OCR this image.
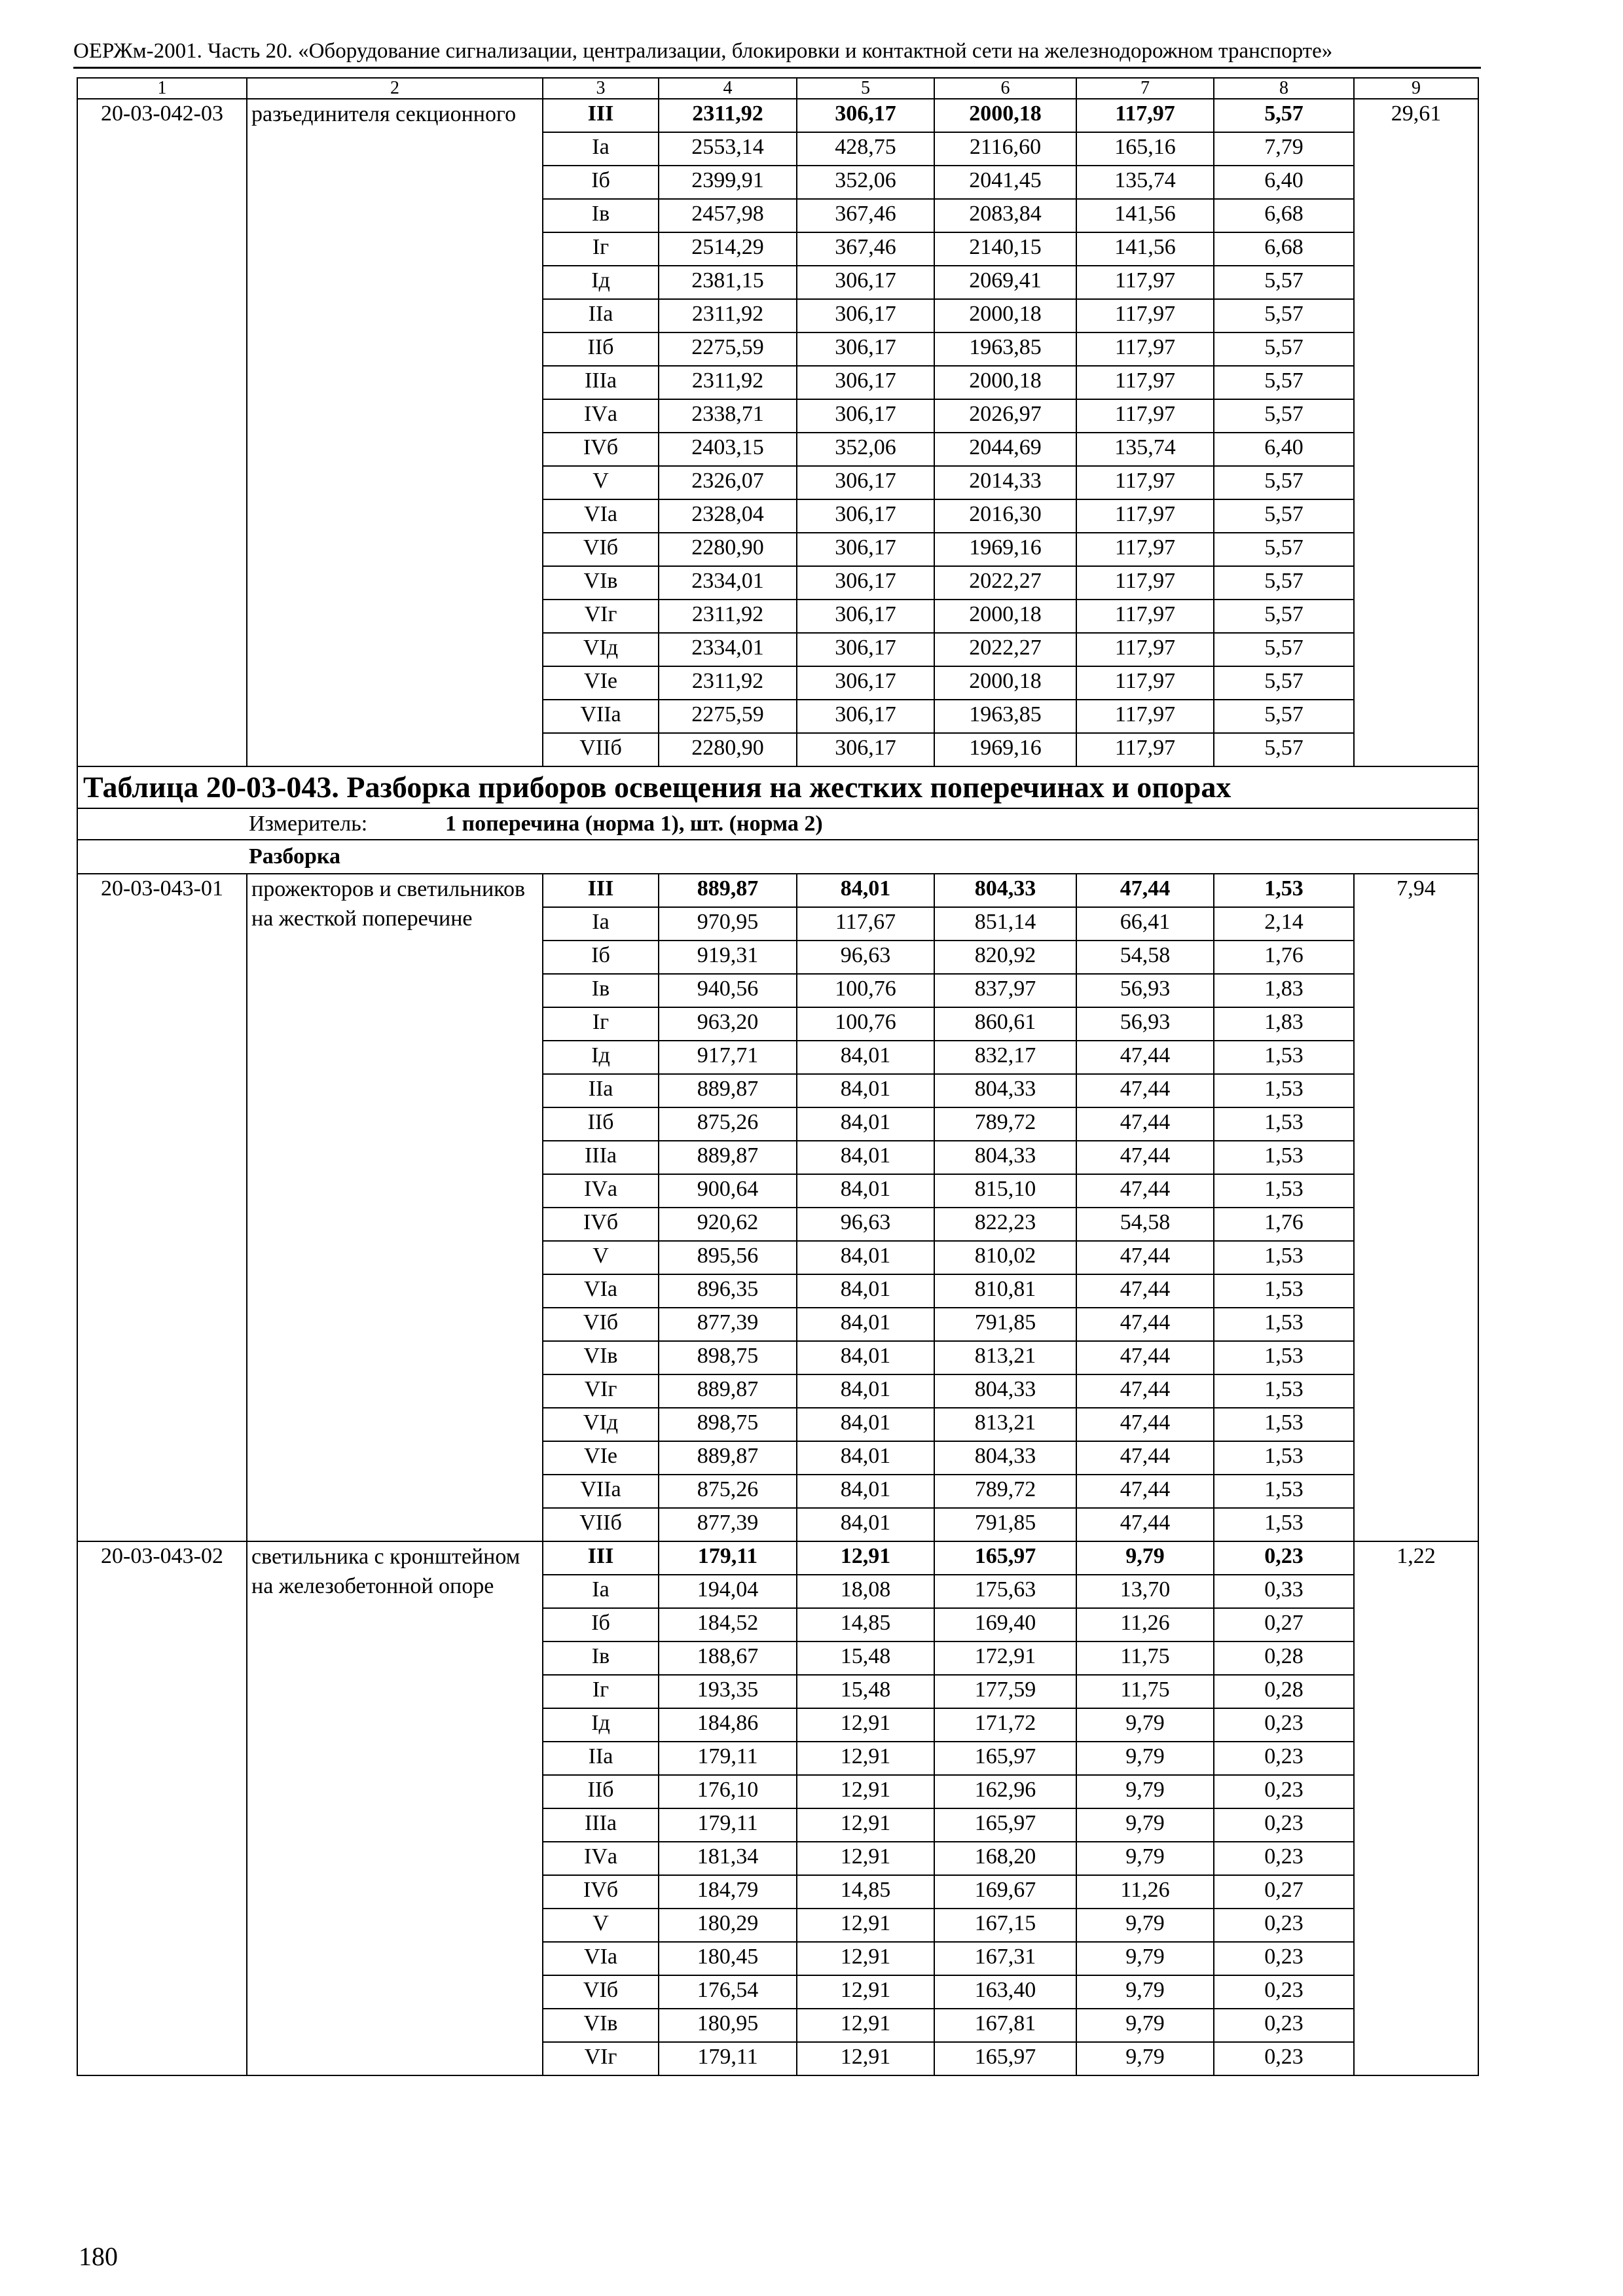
ОЕРЖм-2001. Часть 20. «Оборудование сигнализации, централизации, блокировки и контактной сети на железнодорожном транспорте»
1	2	3	4	5	6	7	8	9
20-03-042-03	разъединителя секционного	III	2311,92	306,17	2000,18	117,97	5,57	29,61
		Ia	2553,14	428,75	2116,60	165,16	7,79	
		Iб	2399,91	352,06	2041,45	135,74	6,40	
		Iв	2457,98	367,46	2083,84	141,56	6,68	
		Iг	2514,29	367,46	2140,15	141,56	6,68	
		Iд	2381,15	306,17	2069,41	117,97	5,57	
		IIа	2311,92	306,17	2000,18	117,97	5,57	
		IIб	2275,59	306,17	1963,85	117,97	5,57	
		IIIа	2311,92	306,17	2000,18	117,97	5,57	
		IVа	2338,71	306,17	2026,97	117,97	5,57	
		IVб	2403,15	352,06	2044,69	135,74	6,40	
		V	2326,07	306,17	2014,33	117,97	5,57	
		VIа	2328,04	306,17	2016,30	117,97	5,57	
		VIб	2280,90	306,17	1969,16	117,97	5,57	
		VIв	2334,01	306,17	2022,27	117,97	5,57	
		VIг	2311,92	306,17	2000,18	117,97	5,57	
		VIд	2334,01	306,17	2022,27	117,97	5,57	
		VIе	2311,92	306,17	2000,18	117,97	5,57	
		VIIа	2275,59	306,17	1963,85	117,97	5,57	
		VIIб	2280,90	306,17	1969,16	117,97	5,57	
Таблица 20-03-043. Разборка приборов освещения на жестких поперечинах и опорах								
Измеритель: 1 поперечина (норма 1), шт. (норма 2)								
Разборка								
20-03-043-01	прожекторов и светильников на жесткой поперечине	III	889,87	84,01	804,33	47,44	1,53	7,94
		Ia	970,95	117,67	851,14	66,41	2,14	
		Iб	919,31	96,63	820,92	54,58	1,76	
		Iв	940,56	100,76	837,97	56,93	1,83	
		Iг	963,20	100,76	860,61	56,93	1,83	
		Iд	917,71	84,01	832,17	47,44	1,53	
		IIа	889,87	84,01	804,33	47,44	1,53	
		IIб	875,26	84,01	789,72	47,44	1,53	
		IIIа	889,87	84,01	804,33	47,44	1,53	
		IVа	900,64	84,01	815,10	47,44	1,53	
		IVб	920,62	96,63	822,23	54,58	1,76	
		V	895,56	84,01	810,02	47,44	1,53	
		VIа	896,35	84,01	810,81	47,44	1,53	
		VIб	877,39	84,01	791,85	47,44	1,53	
		VIв	898,75	84,01	813,21	47,44	1,53	
		VIг	889,87	84,01	804,33	47,44	1,53	
		VIд	898,75	84,01	813,21	47,44	1,53	
		VIе	889,87	84,01	804,33	47,44	1,53	
		VIIа	875,26	84,01	789,72	47,44	1,53	
		VIIб	877,39	84,01	791,85	47,44	1,53	
20-03-043-02	светильника с кронштейном на железобетонной опоре	III	179,11	12,91	165,97	9,79	0,23	1,22
		Ia	194,04	18,08	175,63	13,70	0,33	
		Iб	184,52	14,85	169,40	11,26	0,27	
		Iв	188,67	15,48	172,91	11,75	0,28	
		Iг	193,35	15,48	177,59	11,75	0,28	
		Iд	184,86	12,91	171,72	9,79	0,23	
		IIа	179,11	12,91	165,97	9,79	0,23	
		IIб	176,10	12,91	162,96	9,79	0,23	
		IIIа	179,11	12,91	165,97	9,79	0,23	
		IVа	181,34	12,91	168,20	9,79	0,23	
		IVб	184,79	14,85	169,67	11,26	0,27	
		V	180,29	12,91	167,15	9,79	0,23	
		VIа	180,45	12,91	167,31	9,79	0,23	
		VIб	176,54	12,91	163,40	9,79	0,23	
		VIв	180,95	12,91	167,81	9,79	0,23	
		VIг	179,11	12,91	165,97	9,79	0,23	
180
